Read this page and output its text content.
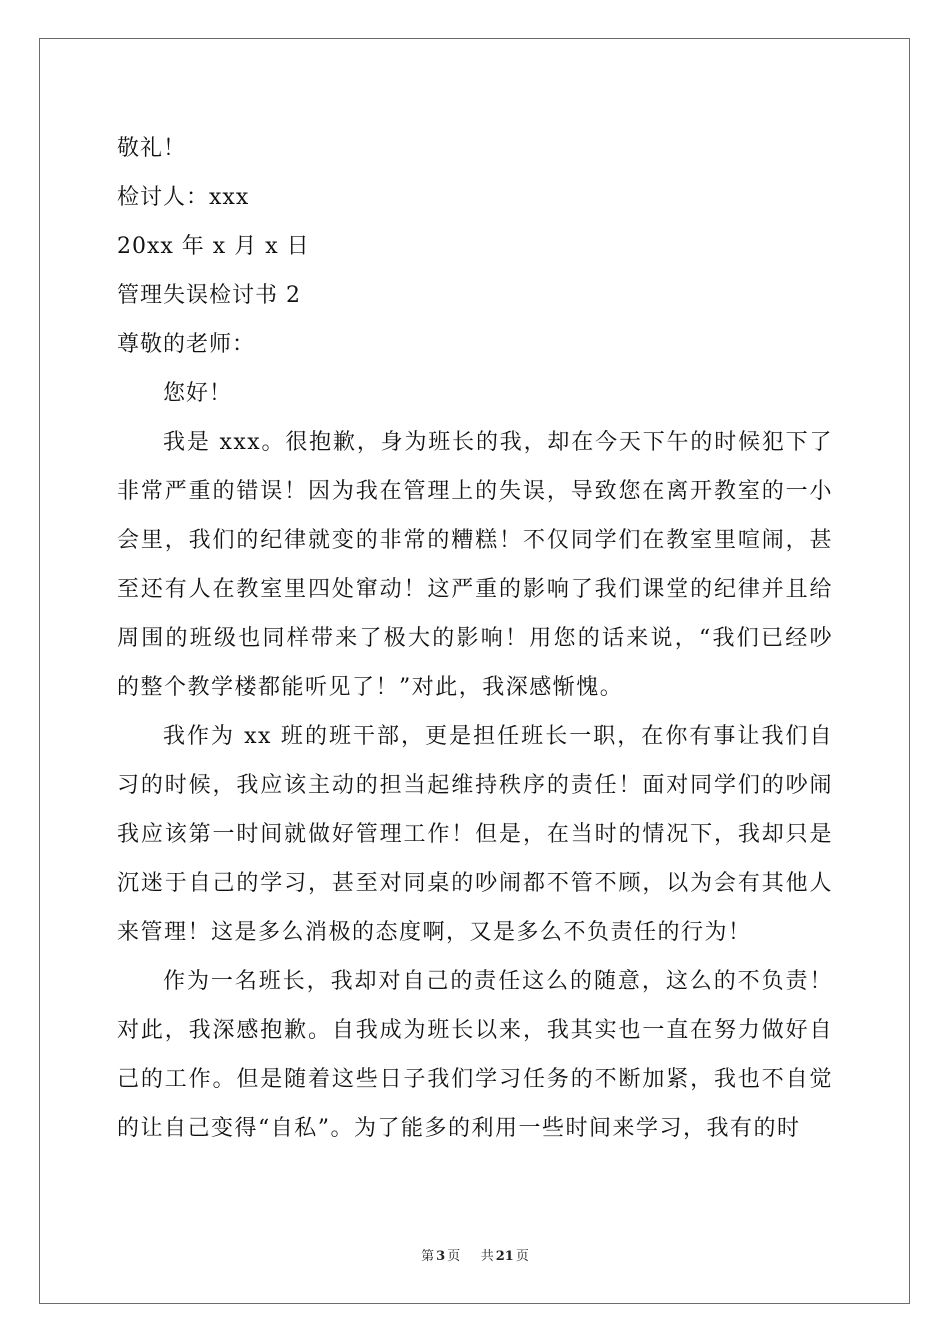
敬礼！
检讨人：xxx
20xx 年 x 月 x 日
管理失误检讨书 2
尊敬的老师：
您好！

我是 xxx。很抱歉，身为班长的我，却在今天下午的时候犯下了非常严重的错误！因为我在管理上的失误，导致您在离开教室的一小会里，我们的纪律就变的非常的糟糕！不仅同学们在教室里喧闹，甚至还有人在教室里四处窜动！这严重的影响了我们课堂的纪律并且给周围的班级也同样带来了极大的影响！用您的话来说，“我们已经吵的整个教学楼都能听见了！”对此，我深感惭愧。

我作为 xx 班的班干部，更是担任班长一职，在你有事让我们自习的时候，我应该主动的担当起维持秩序的责任！面对同学们的吵闹我应该第一时间就做好管理工作！但是，在当时的情况下，我却只是沉迷于自己的学习，甚至对同桌的吵闹都不管不顾，以为会有其他人来管理！这是多么消极的态度啊，又是多么不负责任的行为！

作为一名班长，我却对自己的责任这么的随意，这么的不负责！对此，我深感抱歉。自我成为班长以来，我其实也一直在努力做好自己的工作。但是随着这些日子我们学习任务的不断加紧，我也不自觉的让自己变得“自私”。为了能多的利用一些时间来学习，我有的时

第 3 页 共 21 页
